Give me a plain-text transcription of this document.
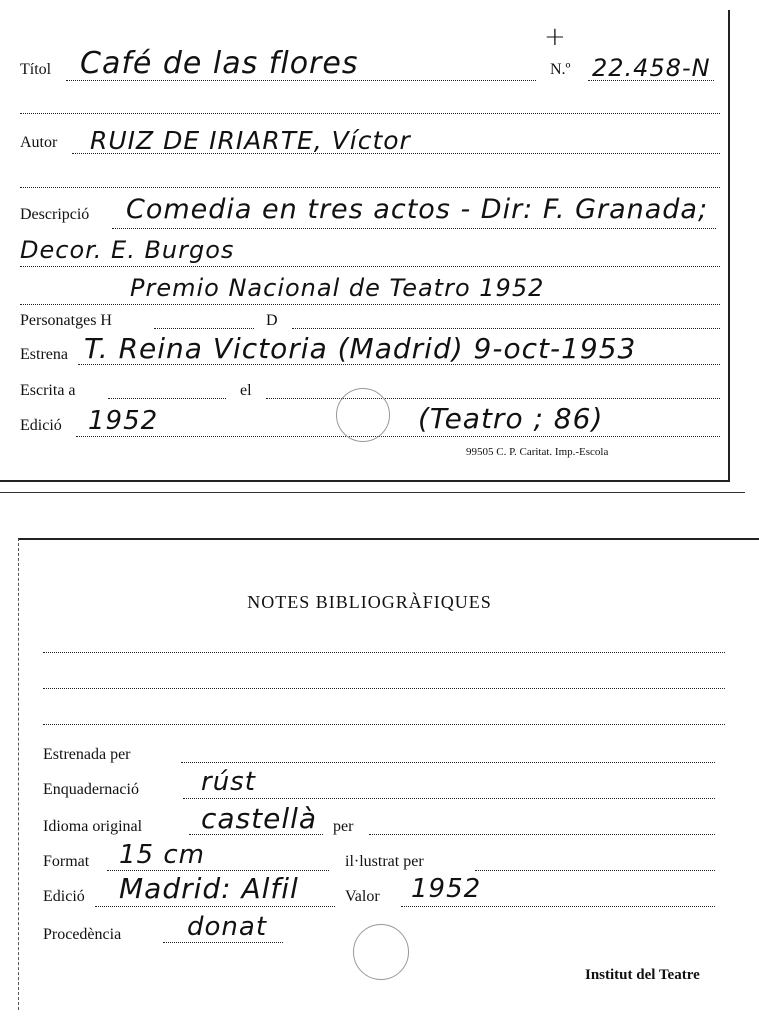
+
Títol Café de las flores	N.º 22.458-N
Autor RUIZ DE IRIARTE, Víctor
Descripció Comedia en tres actos - Dir: F. Granada;
Decor. E. Burgos
Premio Nacional de Teatro 1952
Personatges H	D
Estrena T. Reina Victoria (Madrid) 9-oct-1953
Escrita a	el
Edició 1952	(Teatro ; 86)
99505 C. P. Caritat. Imp.-Escola
NOTES BIBLIOGRÀFIQUES
Estrenada per
Enquadernació rúst
Idioma original castellà per
Format 15 cm	il·lustrat per
Edició Madrid: Alfil	Valor 1952
Procedència	donat
Institut del Teatre
